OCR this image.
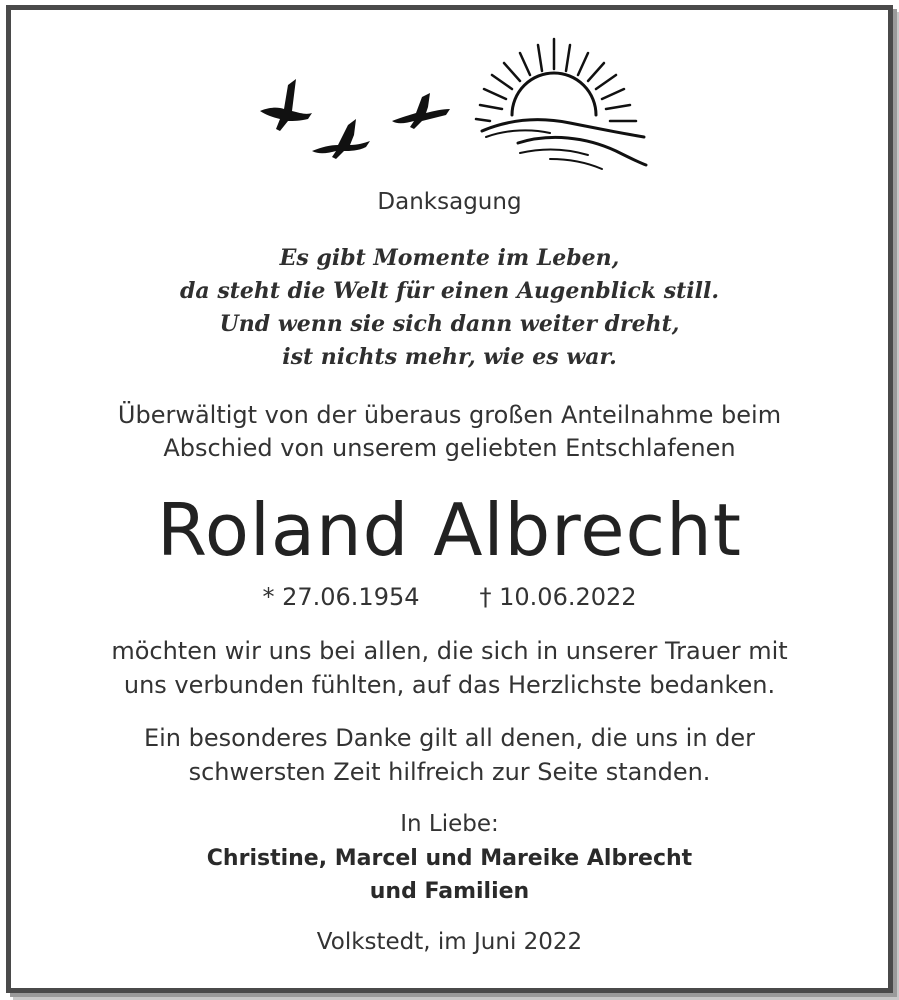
Danksagung
Es gibt Momente im Leben,
da steht die Welt für einen Augenblick still.
Und wenn sie sich dann weiter dreht,
ist nichts mehr, wie es war.
Überwältigt von der überaus großen Anteilnahme beim
Abschied von unserem geliebten Entschlafenen
Roland Albrecht
* 27.06.1954	† 10.06.2022
möchten wir uns bei allen, die sich in unserer Trauer mit
uns verbunden fühlten, auf das Herzlichste bedanken.
Ein besonderes Danke gilt all denen, die uns in der
schwersten Zeit hilfreich zur Seite standen.
In Liebe:
Christine, Marcel und Mareike Albrecht
und Familien
Volkstedt, im Juni 2022
